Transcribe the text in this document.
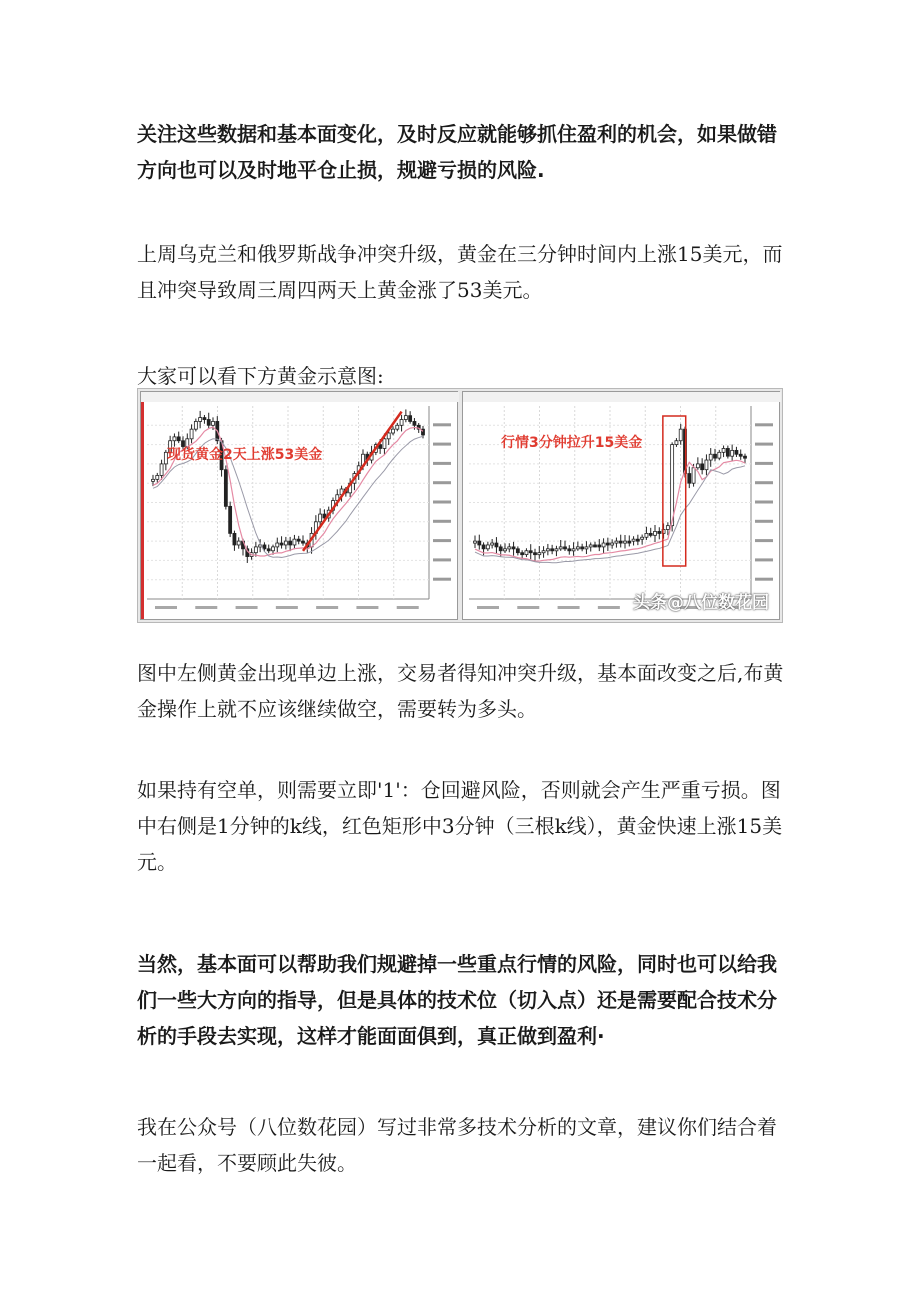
关注这些数据和基本面变化，及时反应就能够抓住盈利的机会，如果做错方向也可以及时地平仓止损，规避亏损的风险.

上周乌克兰和俄罗斯战争冲突升级，黄金在三分钟时间内上涨15美元，而且冲突导致周三周四两天上黄金涨了53美元。

大家可以看下方黄金示意图:

现货黄金2天上涨53美金
行情3分钟拉升15美金
头条@八位数花园

图中左侧黄金出现单边上涨，交易者得知冲突升级，基本面改变之后,布黄金操作上就不应该继续做空，需要转为多头。

如果持有空单，则需要立即'1'：仓回避风险，否则就会产生严重亏损。图中右侧是1分钟的k线，红色矩形中3分钟（三根k线），黄金快速上涨15美元。

当然，基本面可以帮助我们规避掉一些重点行情的风险，同时也可以给我们一些大方向的指导，但是具体的技术位（切入点）还是需要配合技术分析的手段去实现，这样才能面面俱到，真正做到盈利·

我在公众号（八位数花园）写过非常多技术分析的文章，建议你们结合着一起看，不要顾此失彼。
